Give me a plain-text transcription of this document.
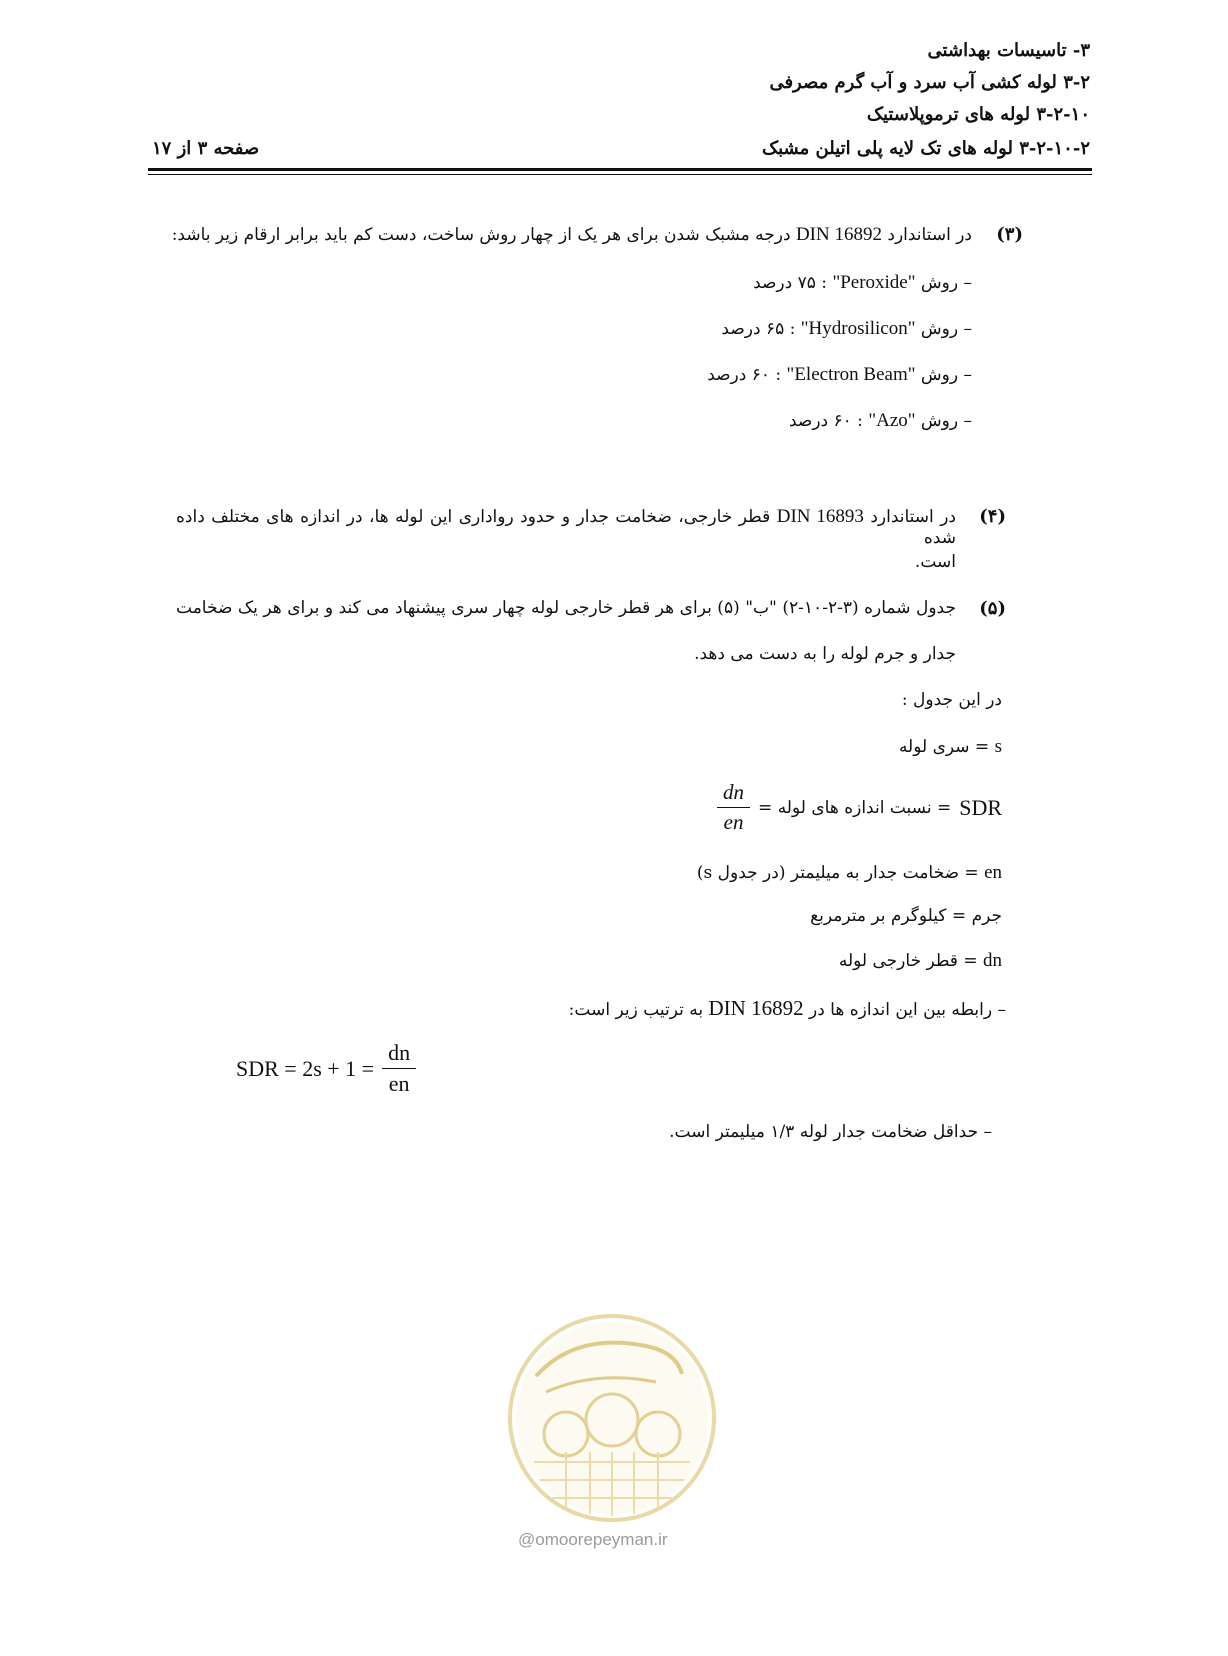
۳- تاسیسات بهداشتی
۳-۲ لوله کشی آب سرد و آب گرم مصرفی
۳-۲-۱۰ لوله های ترموپلاستیک
۳-۲-۱۰-۲ لوله های تک لایه پلی اتیلن مشبک
صفحه ۳ از ۱۷
(۳)
در استاندارد DIN 16892 درجه مشبک شدن برای هر یک از چهار روش ساخت، دست کم باید برابر ارقام زیر باشد:
– روش "Peroxide" : ۷۵ درصد
– روش "Hydrosilicon" : ۶۵ درصد
– روش "Electron Beam" : ۶۰ درصد
– روش "Azo" : ۶۰ درصد
(۴)
در استاندارد DIN 16893 قطر خارجی، ضخامت جدار و حدود رواداری این لوله ها، در اندازه های مختلف داده شده
است.
(۵)
جدول شماره (۳-۲-۱۰-۲) "ب" (۵) برای هر قطر خارجی لوله چهار سری پیشنهاد می کند و برای هر یک ضخامت
جدار و جرم لوله را به دست می دهد.
در این جدول :
s = سری لوله
SDR
= نسبت اندازه های لوله =
$\frac{dn}{en}$
en = ضخامت جدار به میلیمتر (در جدول s)
جرم = کیلوگرم بر مترمربع
dn = قطر خارجی لوله
– رابطه بین این اندازه ها در DIN 16892 به ترتیب زیر است:
SDR = $2s + 1 = \frac{dn}{en}$
– حداقل ضخامت جدار لوله ۱/۳ میلیمتر است.
@omoorepeyman.ir
